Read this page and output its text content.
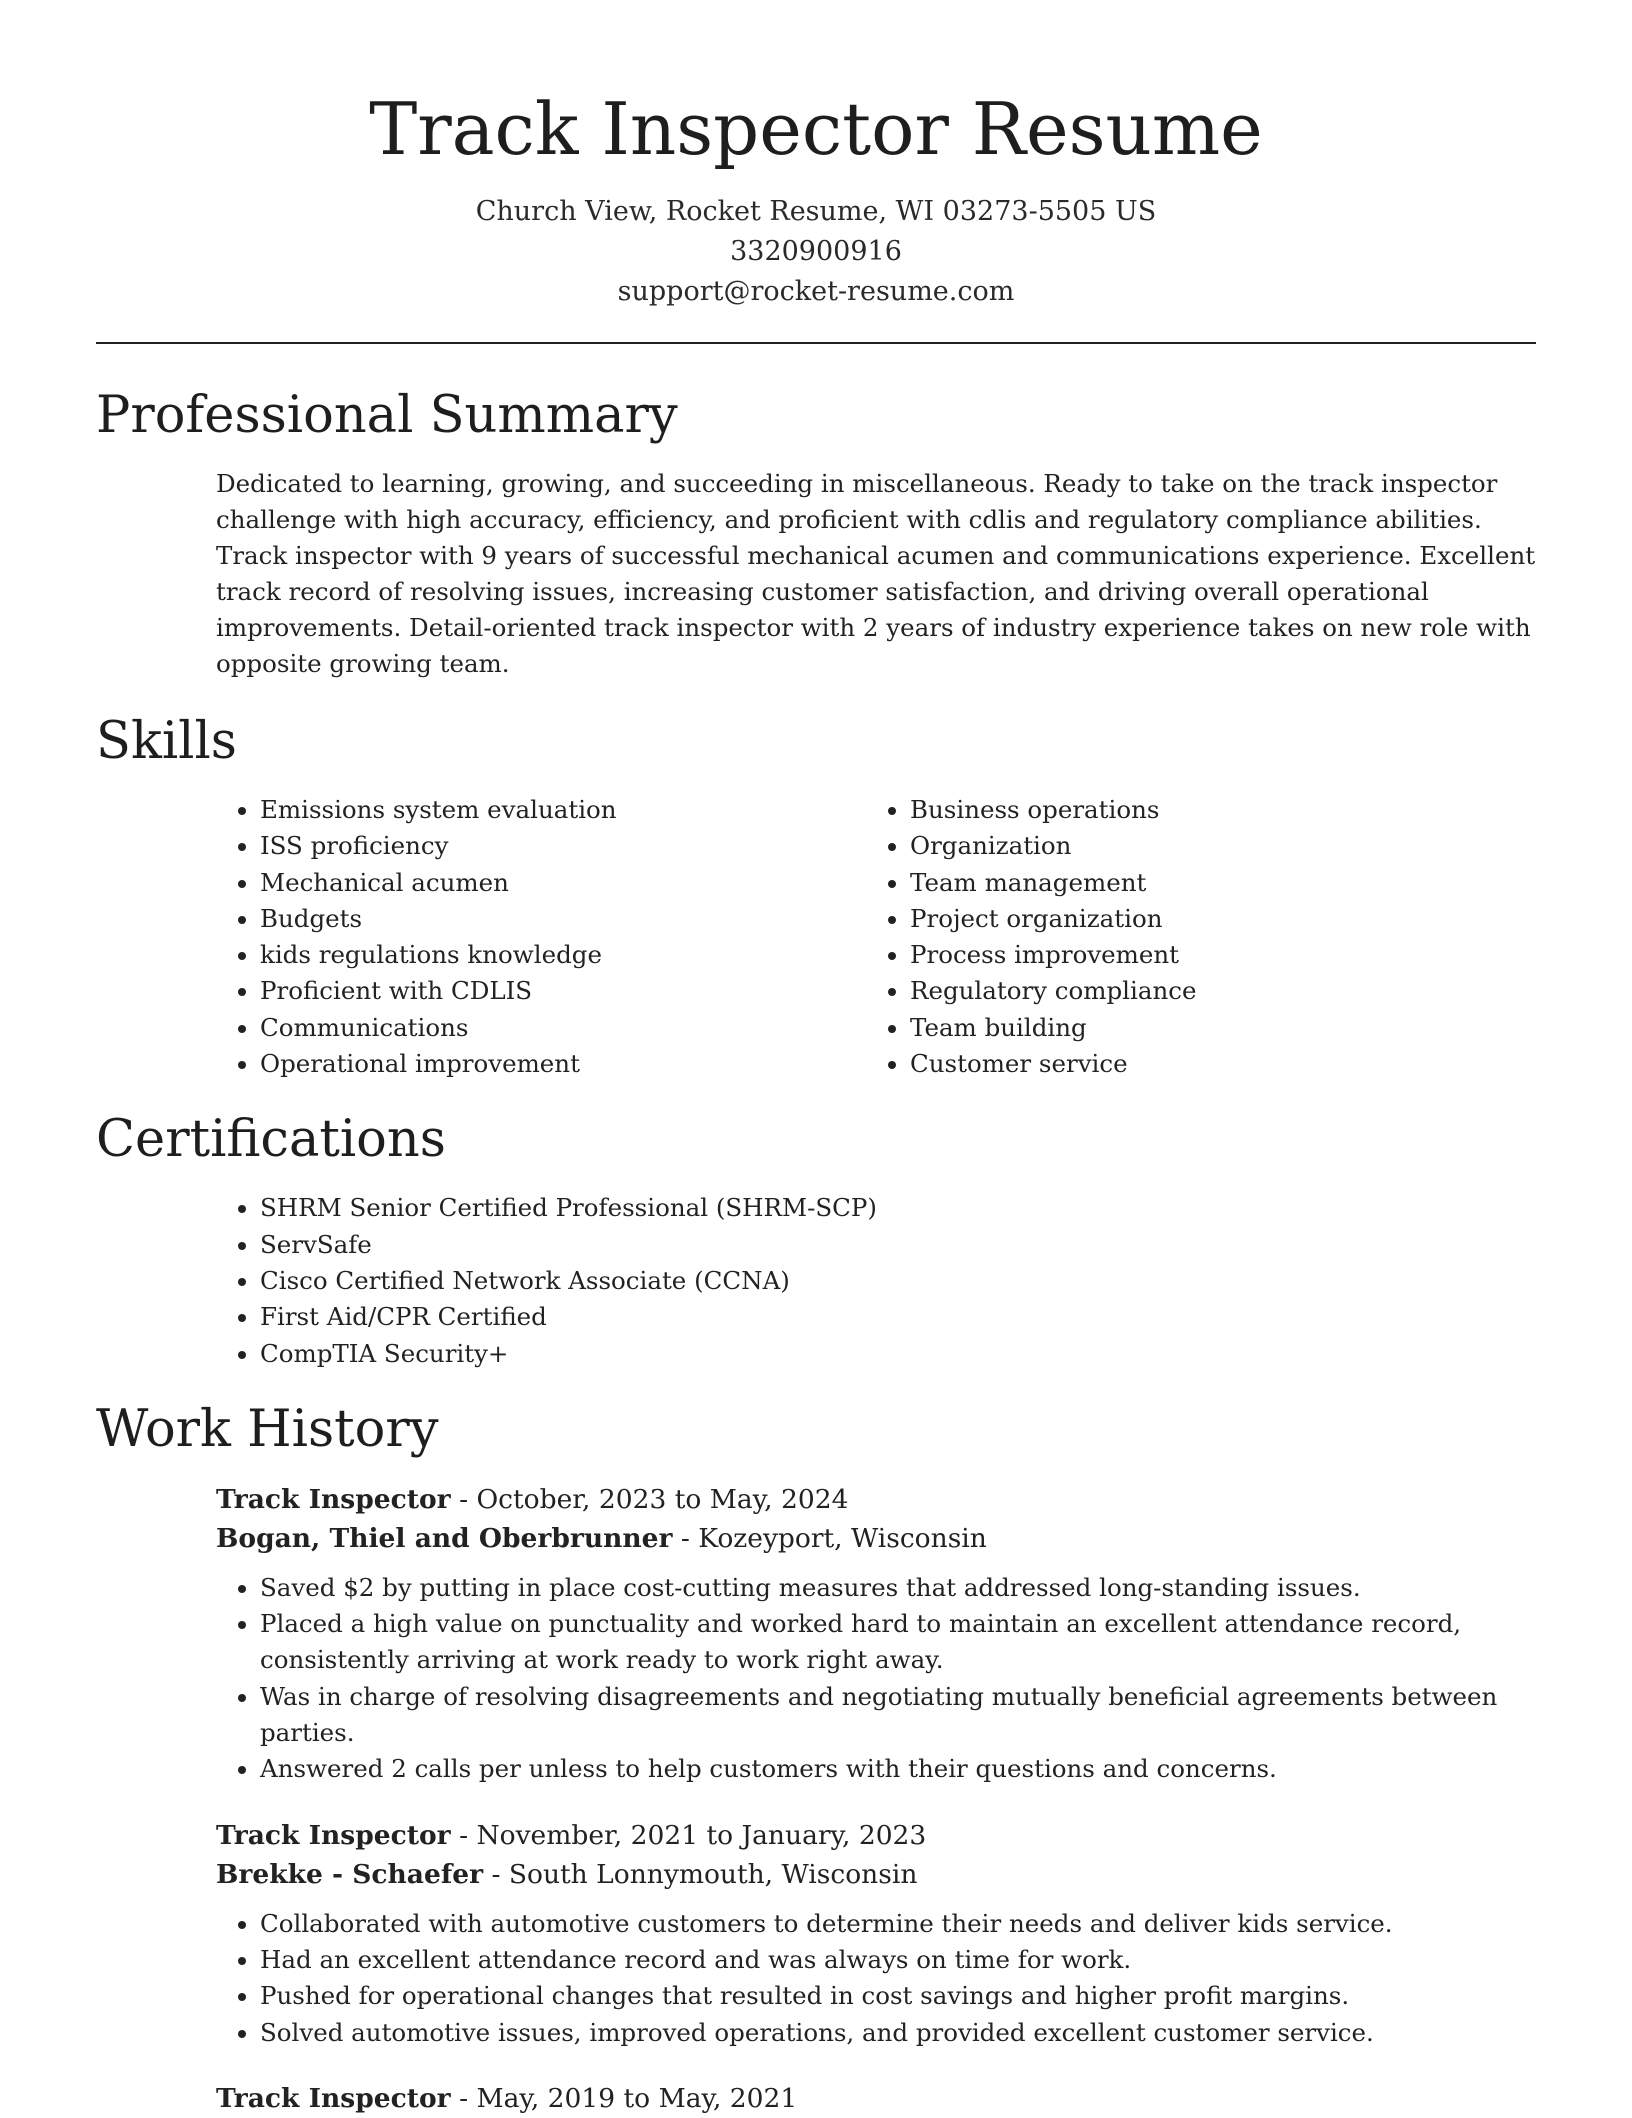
Track Inspector Resume
Church View, Rocket Resume, WI 03273-5505 US
3320900916
support@rocket-resume.com
Professional Summary

Dedicated to learning, growing, and succeeding in miscellaneous. Ready to take on the track inspector challenge with high accuracy, efficiency, and proficient with cdlis and regulatory compliance abilities. Track inspector with 9 years of successful mechanical acumen and communications experience. Excellent track record of resolving issues, increasing customer satisfaction, and driving overall operational improvements. Detail-oriented track inspector with 2 years of industry experience takes on new role with opposite growing team.

Skills
• Emissions system evaluation
• ISS proficiency
• Mechanical acumen
• Budgets
• kids regulations knowledge
• Proficient with CDLIS
• Communications
• Operational improvement
• Business operations
• Organization
• Team management
• Project organization
• Process improvement
• Regulatory compliance
• Team building
• Customer service
Certifications
• SHRM Senior Certified Professional (SHRM-SCP)
• ServSafe
• Cisco Certified Network Associate (CCNA)
• First Aid/CPR Certified
• CompTIA Security+
Work History
Track Inspector - October, 2023 to May, 2024
Bogan, Thiel and Oberbrunner - Kozeyport, Wisconsin
• Saved $2 by putting in place cost-cutting measures that addressed long-standing issues.
• Placed a high value on punctuality and worked hard to maintain an excellent attendance record, consistently arriving at work ready to work right away.
• Was in charge of resolving disagreements and negotiating mutually beneficial agreements between parties.
• Answered 2 calls per unless to help customers with their questions and concerns.
Track Inspector - November, 2021 to January, 2023
Brekke - Schaefer - South Lonnymouth, Wisconsin
• Collaborated with automotive customers to determine their needs and deliver kids service.
• Had an excellent attendance record and was always on time for work.
• Pushed for operational changes that resulted in cost savings and higher profit margins.
• Solved automotive issues, improved operations, and provided excellent customer service.
Track Inspector - May, 2019 to May, 2021
